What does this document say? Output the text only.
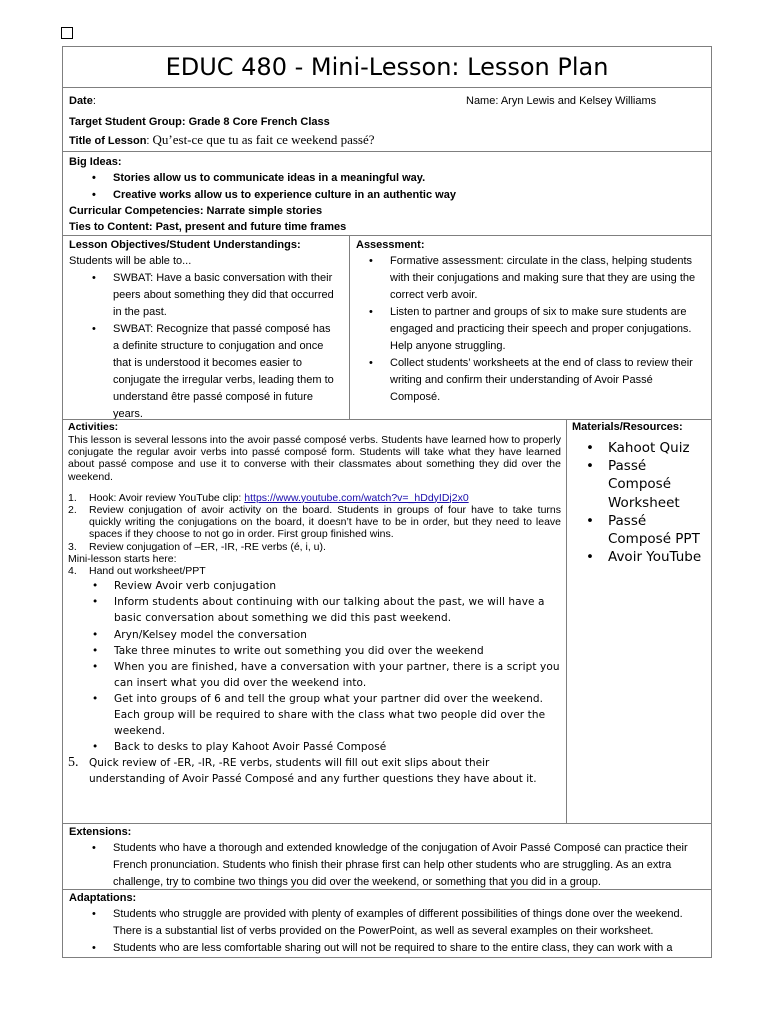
EDUC 480 - Mini-Lesson: Lesson Plan
Date:	Name: Aryn Lewis and Kelsey Williams
Target Student Group: Grade 8 Core French Class
Title of Lesson: Qu’est-ce que tu as fait ce weekend passé?
Big Ideas:
• Stories allow us to communicate ideas in a meaningful way.
• Creative works allow us to experience culture in an authentic way
Curricular Competencies: Narrate simple stories
Ties to Content: Past, present and future time frames
Lesson Objectives/Student Understandings:
Students will be able to...
• SWBAT: Have a basic conversation with their peers about something they did that occurred in the past.
• SWBAT: Recognize that passé composé has a definite structure to conjugation and once that is understood it becomes easier to conjugate the irregular verbs, leading them to understand être passé composé in future years.
Assessment:
• Formative assessment: circulate in the class, helping students with their conjugations and making sure that they are using the correct verb avoir.
• Listen to partner and groups of six to make sure students are engaged and practicing their speech and proper conjugations. Help anyone struggling.
• Collect students’ worksheets at the end of class to review their writing and confirm their understanding of Avoir Passé Composé.
Activities:
This lesson is several lessons into the avoir passé composé verbs. Students have learned how to properly conjugate the regular avoir verbs into passé composé form. Students will take what they have learned about passé compose and use it to converse with their classmates about something they did over the weekend.
1. Hook: Avoir review YouTube clip: https://www.youtube.com/watch?v=_hDdyIDj2x0
2. Review conjugation of avoir activity on the board. Students in groups of four have to take turns quickly writing the conjugations on the board, it doesn’t have to be in order, but they need to leave spaces if they choose to not go in order. First group finished wins.
3. Review conjugation of –ER, -IR, -RE verbs (é, i, u).
Mini-lesson starts here:
4. Hand out worksheet/PPT
• Review Avoir verb conjugation
• Inform students about continuing with our talking about the past, we will have a basic conversation about something we did this past weekend.
• Aryn/Kelsey model the conversation
• Take three minutes to write out something you did over the weekend
• When you are finished, have a conversation with your partner, there is a script you can insert what you did over the weekend into.
• Get into groups of 6 and tell the group what your partner did over the weekend. Each group will be required to share with the class what two people did over the weekend.
• Back to desks to play Kahoot Avoir Passé Composé
5. Quick review of -ER, -IR, -RE verbs, students will fill out exit slips about their understanding of Avoir Passé Composé and any further questions they have about it.
Materials/Resources:
• Kahoot Quiz
• Passé Composé Worksheet
• Passé Composé PPT
• Avoir YouTube
Extensions:
• Students who have a thorough and extended knowledge of the conjugation of Avoir Passé Composé can practice their French pronunciation. Students who finish their phrase first can help other students who are struggling. As an extra challenge, try to combine two things you did over the weekend, or something that you did in a group.
Adaptations:
• Students who struggle are provided with plenty of examples of different possibilities of things done over the weekend. There is a substantial list of verbs provided on the PowerPoint, as well as several examples on their worksheet.
• Students who are less comfortable sharing out will not be required to share to the entire class, they can work with a
